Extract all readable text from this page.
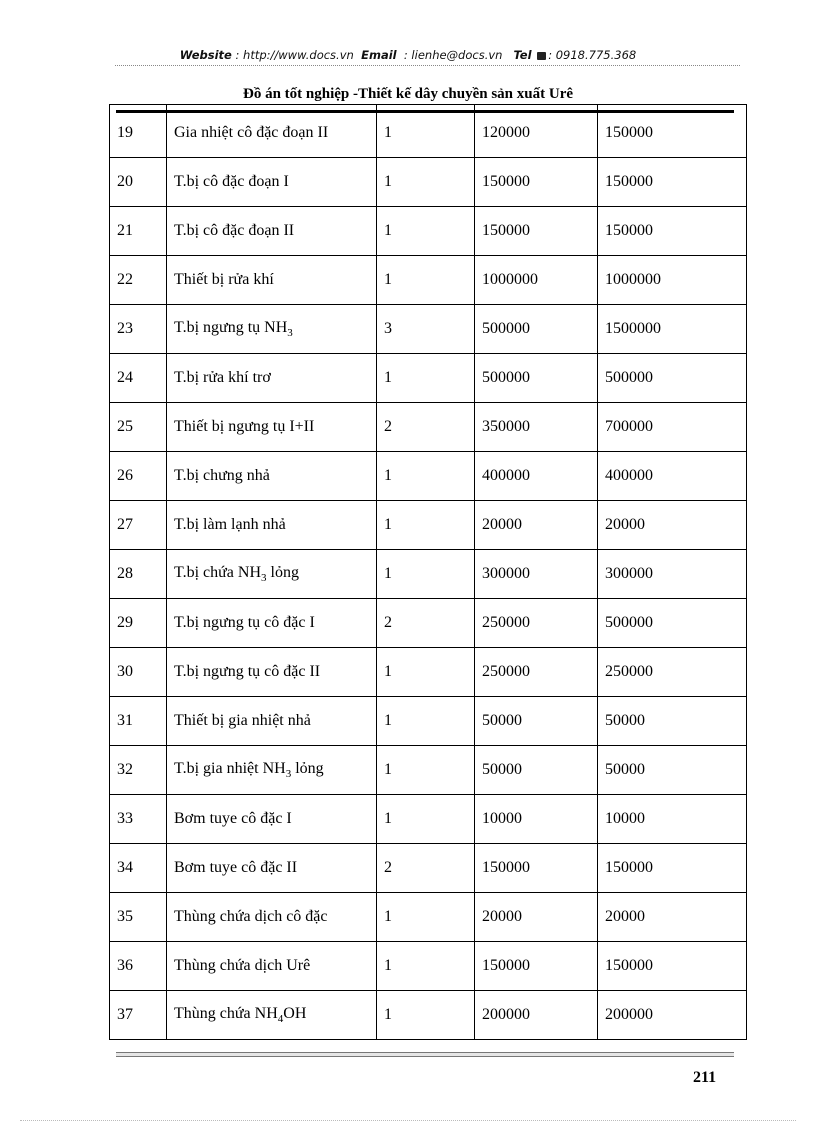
Website : http://www.docs.vn Email : lienhe@docs.vn Tel : 0918.775.368
Đồ án tốt nghiệp -Thiết kế dây chuyền sản xuất Urê
19	Gia nhiệt cô đặc đoạn II	1	120000	150000
20	T.bị cô đặc đoạn I	1	150000	150000
21	T.bị cô đặc đoạn II	1	150000	150000
22	Thiết bị rửa khí	1	1000000	1000000
23	T.bị ngưng tụ $NH_3$	3	500000	1500000
24	T.bị rửa khí trơ	1	500000	500000
25	Thiết bị ngưng tụ I+II	2	350000	700000
26	T.bị chưng nhả	1	400000	400000
27	T.bị làm lạnh nhả	1	20000	20000
28	T.bị chứa $NH_3$ lỏng	1	300000	300000
29	T.bị ngưng tụ cô đặc I	2	250000	500000
30	T.bị ngưng tụ cô đặc II	1	250000	250000
31	Thiết bị gia nhiệt nhả	1	50000	50000
32	T.bị gia nhiệt $NH_3$ lỏng	1	50000	50000
33	Bơm tuye cô đặc I	1	10000	10000
34	Bơm tuye cô đặc II	2	150000	150000
35	Thùng chứa dịch cô đặc	1	20000	20000
36	Thùng chứa dịch Urê	1	150000	150000
37	Thùng chứa $NH_4OH$	1	200000	200000
211
